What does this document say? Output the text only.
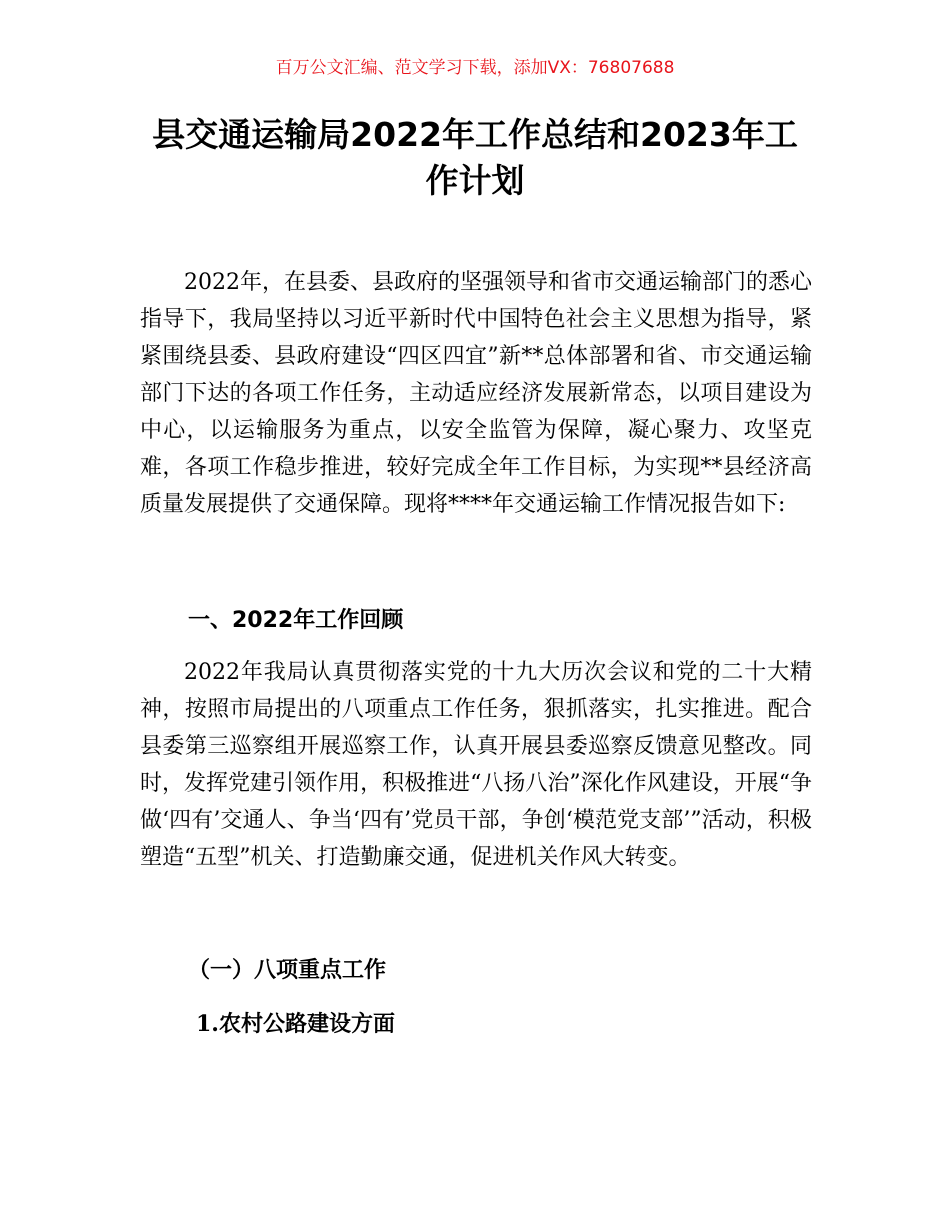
百万公文汇编、范文学习下载，添加VX：76807688
县交通运输局2022年工作总结和2023年工作计划

2022年，在县委、县政府的坚强领导和省市交通运输部门的悉心指导下，我局坚持以习近平新时代中国特色社会主义思想为指导，紧紧围绕县委、县政府建设“四区四宜”新**总体部署和省、市交通运输部门下达的各项工作任务，主动适应经济发展新常态，以项目建设为中心，以运输服务为重点，以安全监管为保障，凝心聚力、攻坚克难，各项工作稳步推进，较好完成全年工作目标，为实现**县经济高质量发展提供了交通保障。现将****年交通运输工作情况报告如下:

一、2022年工作回顾

2022年我局认真贯彻落实党的十九大历次会议和党的二十大精神，按照市局提出的八项重点工作任务，狠抓落实，扎实推进。配合县委第三巡察组开展巡察工作，认真开展县委巡察反馈意见整改。同时，发挥党建引领作用，积极推进“八扬八治”深化作风建设，开展“争做‘四有’交通人、争当‘四有’党员干部，争创‘模范党支部’”活动，积极塑造“五型”机关、打造勤廉交通，促进机关作风大转变。

（一）八项重点工作
1.农村公路建设方面
